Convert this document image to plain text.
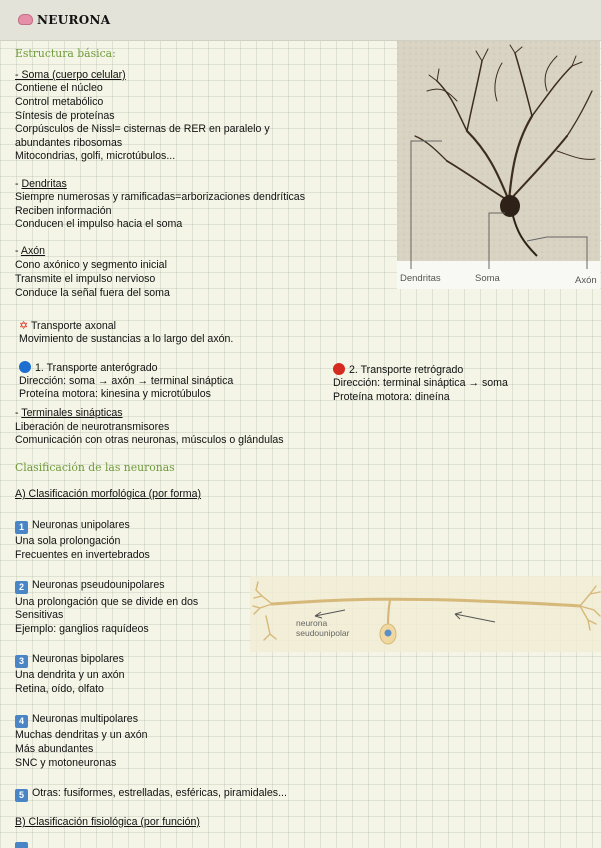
NEURONA
Estructura básica:
- Soma (cuerpo celular)
Contiene el núcleo
Control metabólico
Síntesis de proteínas
Corpúsculos de Nissl= cisternas de RER en paralelo y
abundantes ribosomas
Mitocondrias, golfi, microtúbulos...
- Dendritas
Siempre numerosas y ramificadas=arborizaciones dendríticas
Reciben información
Conducen el impulso hacia el soma
- Axón
Cono axónico y segmento inicial
Transmite el impulso nervioso
Conduce la señal fuera del soma
Dendritas	Soma	Axón
✡ Transporte axonal
Movimiento de sustancias a lo largo del axón.
1. Transporte anterógrado
Dirección: soma → axón → terminal sináptica
Proteína motora: kinesina y microtúbulos
2. Transporte retrógrado
Dirección: terminal sináptica → soma
Proteína motora: dineína
- Terminales sinápticas
Liberación de neurotransmisores
Comunicación con otras neuronas, músculos o glándulas
Clasificación de las neuronas
A) Clasificación morfológica (por forma)
1 Neuronas unipolares
Una sola prolongación
Frecuentes en invertebrados
2 Neuronas pseudounipolares
Una prolongación que se divide en dos
Sensitivas
Ejemplo: ganglios raquídeos	neurona
seudounipolar
3 Neuronas bipolares
Una dendrita y un axón
Retina, oído, olfato
4 Neuronas multipolares
Muchas dendritas y un axón
Más abundantes
SNC y motoneuronas
5 Otras: fusiformes, estrelladas, esféricas, piramidales...
B) Clasificación fisiológica (por función)
